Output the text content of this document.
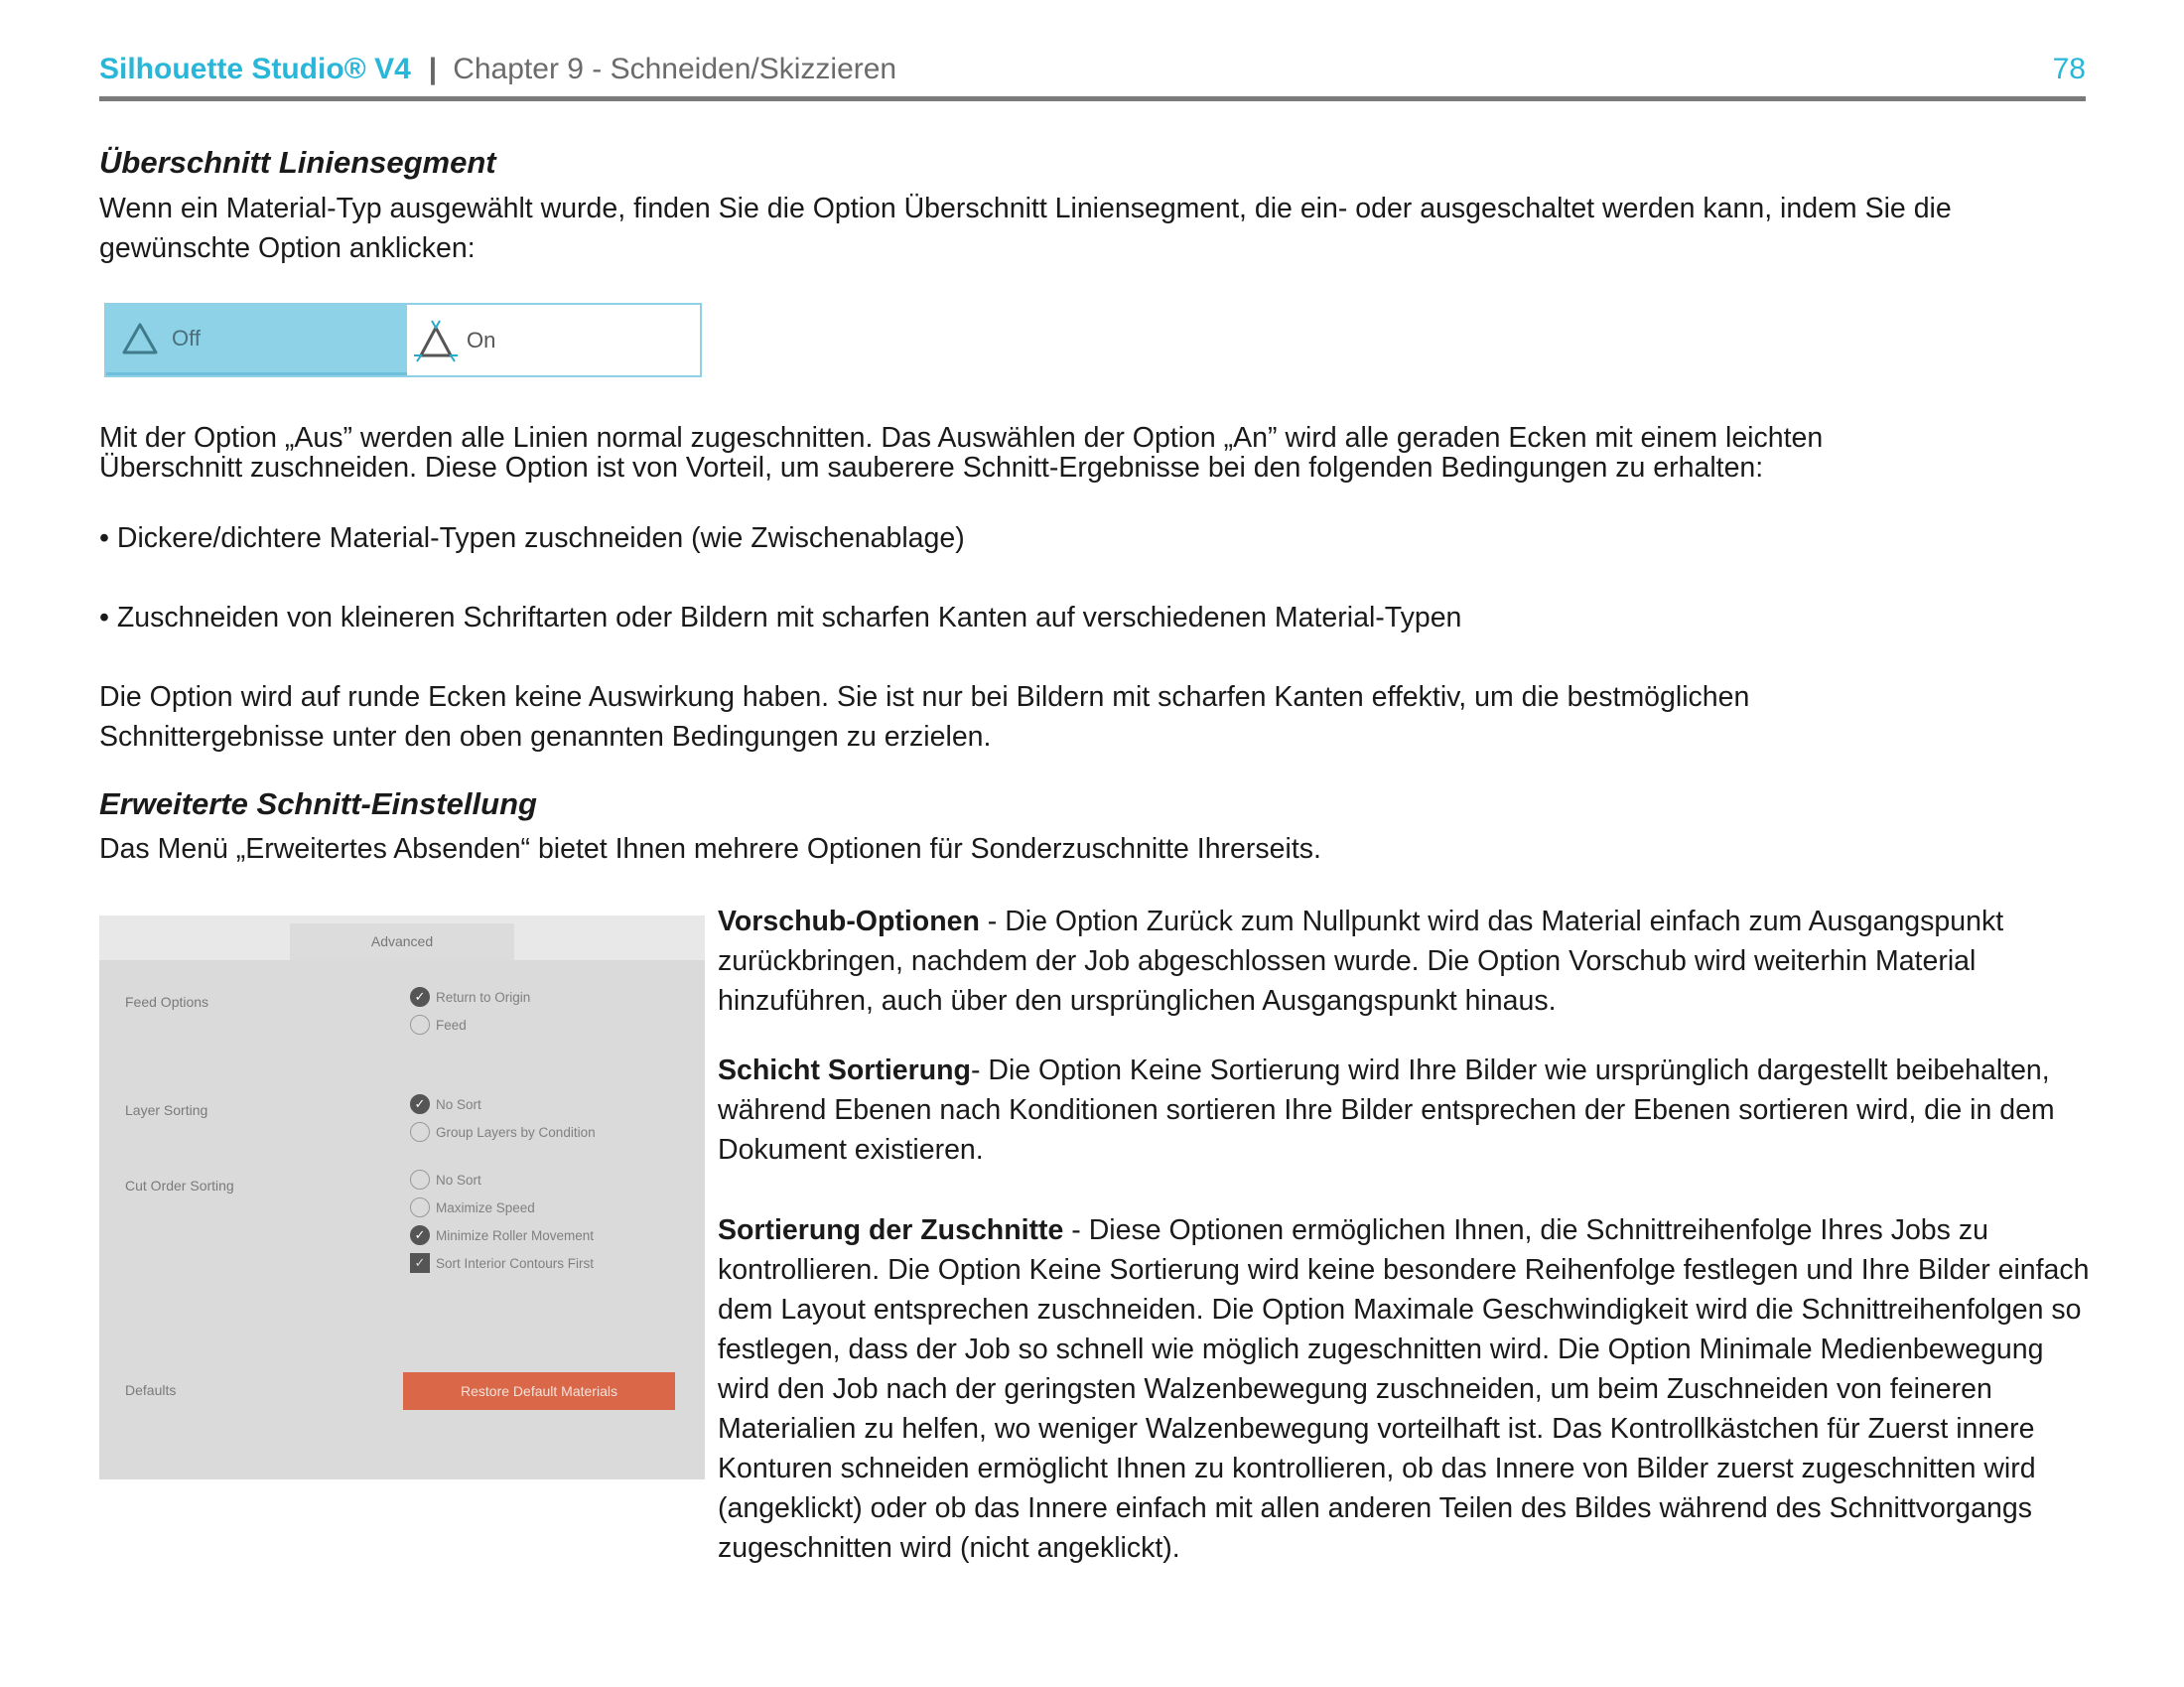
Silhouette Studio® V4 | Chapter 9 - Schneiden/Skizzieren	78
Überschnitt Liniensegment
Wenn ein Material-Typ ausgewählt wurde, finden Sie die Option Überschnitt Liniensegment, die ein- oder ausgeschaltet werden kann, indem Sie die
gewünschte Option anklicken:
Off	On
Mit der Option „Aus” werden alle Linien normal zugeschnitten. Das Auswählen der Option „An” wird alle geraden Ecken mit einem leichten
Überschnitt zuschneiden. Diese Option ist von Vorteil, um sauberere Schnitt-Ergebnisse bei den folgenden Bedingungen zu erhalten:
• Dickere/dichtere Material-Typen zuschneiden (wie Zwischenablage)
• Zuschneiden von kleineren Schriftarten oder Bildern mit scharfen Kanten auf verschiedenen Material-Typen
Die Option wird auf runde Ecken keine Auswirkung haben. Sie ist nur bei Bildern mit scharfen Kanten effektiv, um die bestmöglichen
Schnittergebnisse unter den oben genannten Bedingungen zu erzielen.
Erweiterte Schnitt-Einstellung
Das Menü „Erweitertes Absenden“ bietet Ihnen mehrere Optionen für Sonderzuschnitte Ihrerseits.
Advanced
Feed Options	✓ Return to Origin
Feed
Layer Sorting	✓ No Sort
Group Layers by Condition
Cut Order Sorting	No Sort
Maximize Speed
✓ Minimize Roller Movement
✓ Sort Interior Contours First
Defaults	Restore Default Materials
Vorschub-Optionen - Die Option Zurück zum Nullpunkt wird das Material einfach zum Ausgangspunkt zurückbringen, nachdem der Job abgeschlossen wurde. Die Option Vorschub wird weiterhin Material hinzuführen, auch über den ursprünglichen Ausgangspunkt hinaus.
Schicht Sortierung- Die Option Keine Sortierung wird Ihre Bilder wie ursprünglich dargestellt beibehalten, während Ebenen nach Konditionen sortieren Ihre Bilder entsprechen der Ebenen sortieren wird, die in dem Dokument existieren.
Sortierung der Zuschnitte - Diese Optionen ermöglichen Ihnen, die Schnittreihenfolge Ihres Jobs zu kontrollieren. Die Option Keine Sortierung wird keine besondere Reihenfolge festlegen und Ihre Bilder einfach dem Layout entsprechen zuschneiden. Die Option Maximale Geschwindigkeit wird die Schnittreihenfolgen so festlegen, dass der Job so schnell wie möglich zugeschnitten wird. Die Option Minimale Medienbewegung wird den Job nach der geringsten Walzenbewegung zuschneiden, um beim Zuschneiden von feineren Materialien zu helfen, wo weniger Walzenbewegung vorteilhaft ist. Das Kontrollkästchen für Zuerst innere Konturen schneiden ermöglicht Ihnen zu kontrollieren, ob das Innere von Bilder zuerst zugeschnitten wird (angeklickt) oder ob das Innere einfach mit allen anderen Teilen des Bildes während des Schnittvorgangs zugeschnitten wird (nicht angeklickt).
